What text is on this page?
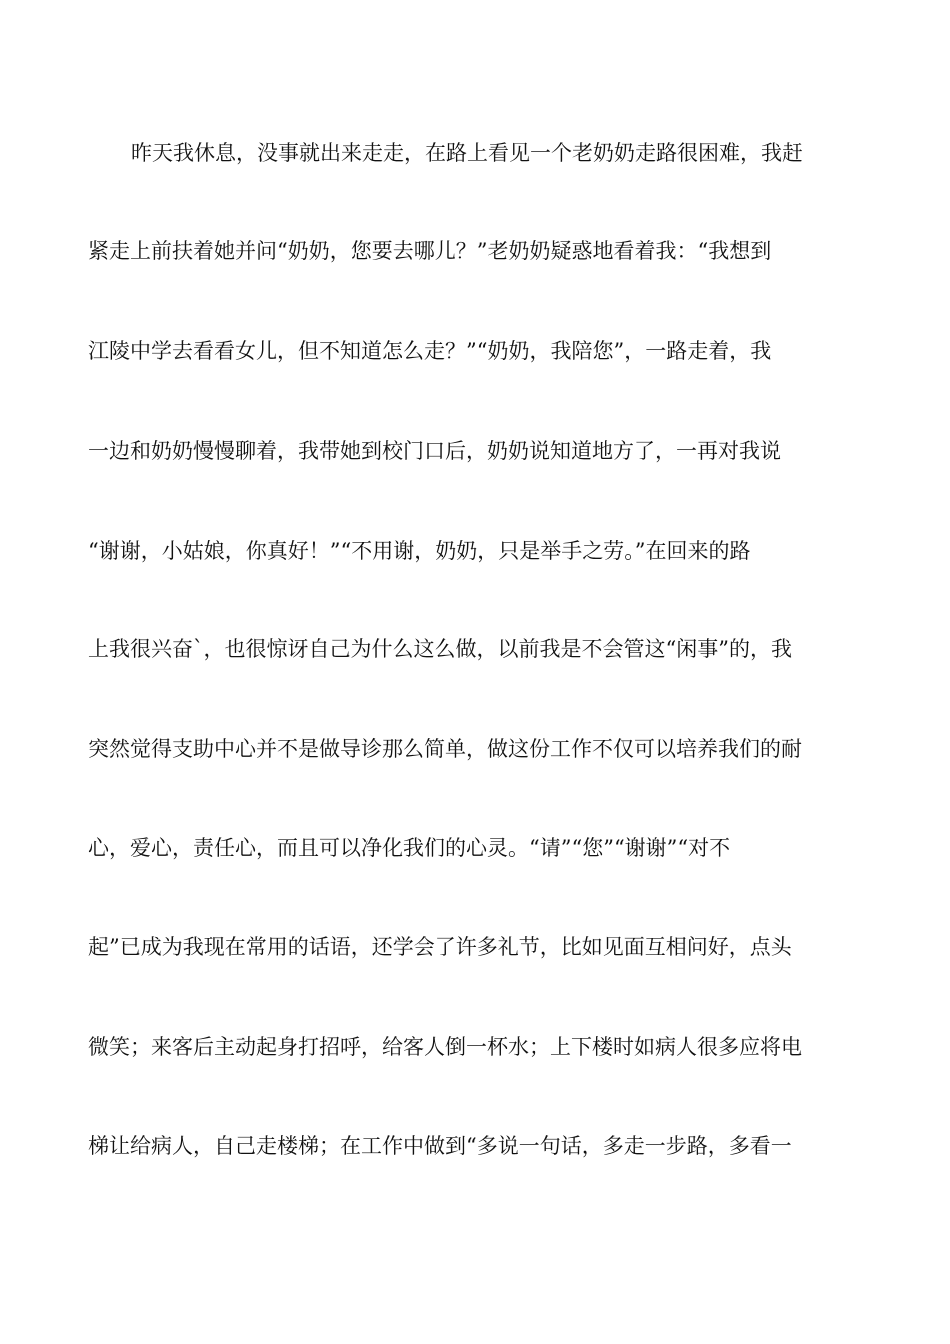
昨天我休息，没事就出来走走，在路上看见一个老奶奶走路很困难，我赶
紧走上前扶着她并问“奶奶，您要去哪儿？”老奶奶疑惑地看着我：“我想到
江陵中学去看看女儿，但不知道怎么走？”“奶奶，我陪您”，一路走着，我
一边和奶奶慢慢聊着，我带她到校门口后，奶奶说知道地方了，一再对我说
“谢谢，小姑娘，你真好！”“不用谢，奶奶，只是举手之劳。”在回来的路
上我很兴奋`，也很惊讶自己为什么这么做，以前我是不会管这“闲事”的，我
突然觉得支助中心并不是做导诊那么简单，做这份工作不仅可以培养我们的耐
心，爱心，责任心，而且可以净化我们的心灵。“请”“您”“谢谢”“对不
起”已成为我现在常用的话语，还学会了许多礼节，比如见面互相问好，点头
微笑；来客后主动起身打招呼，给客人倒一杯水；上下楼时如病人很多应将电
梯让给病人，自己走楼梯；在工作中做到“多说一句话，多走一步路，多看一
